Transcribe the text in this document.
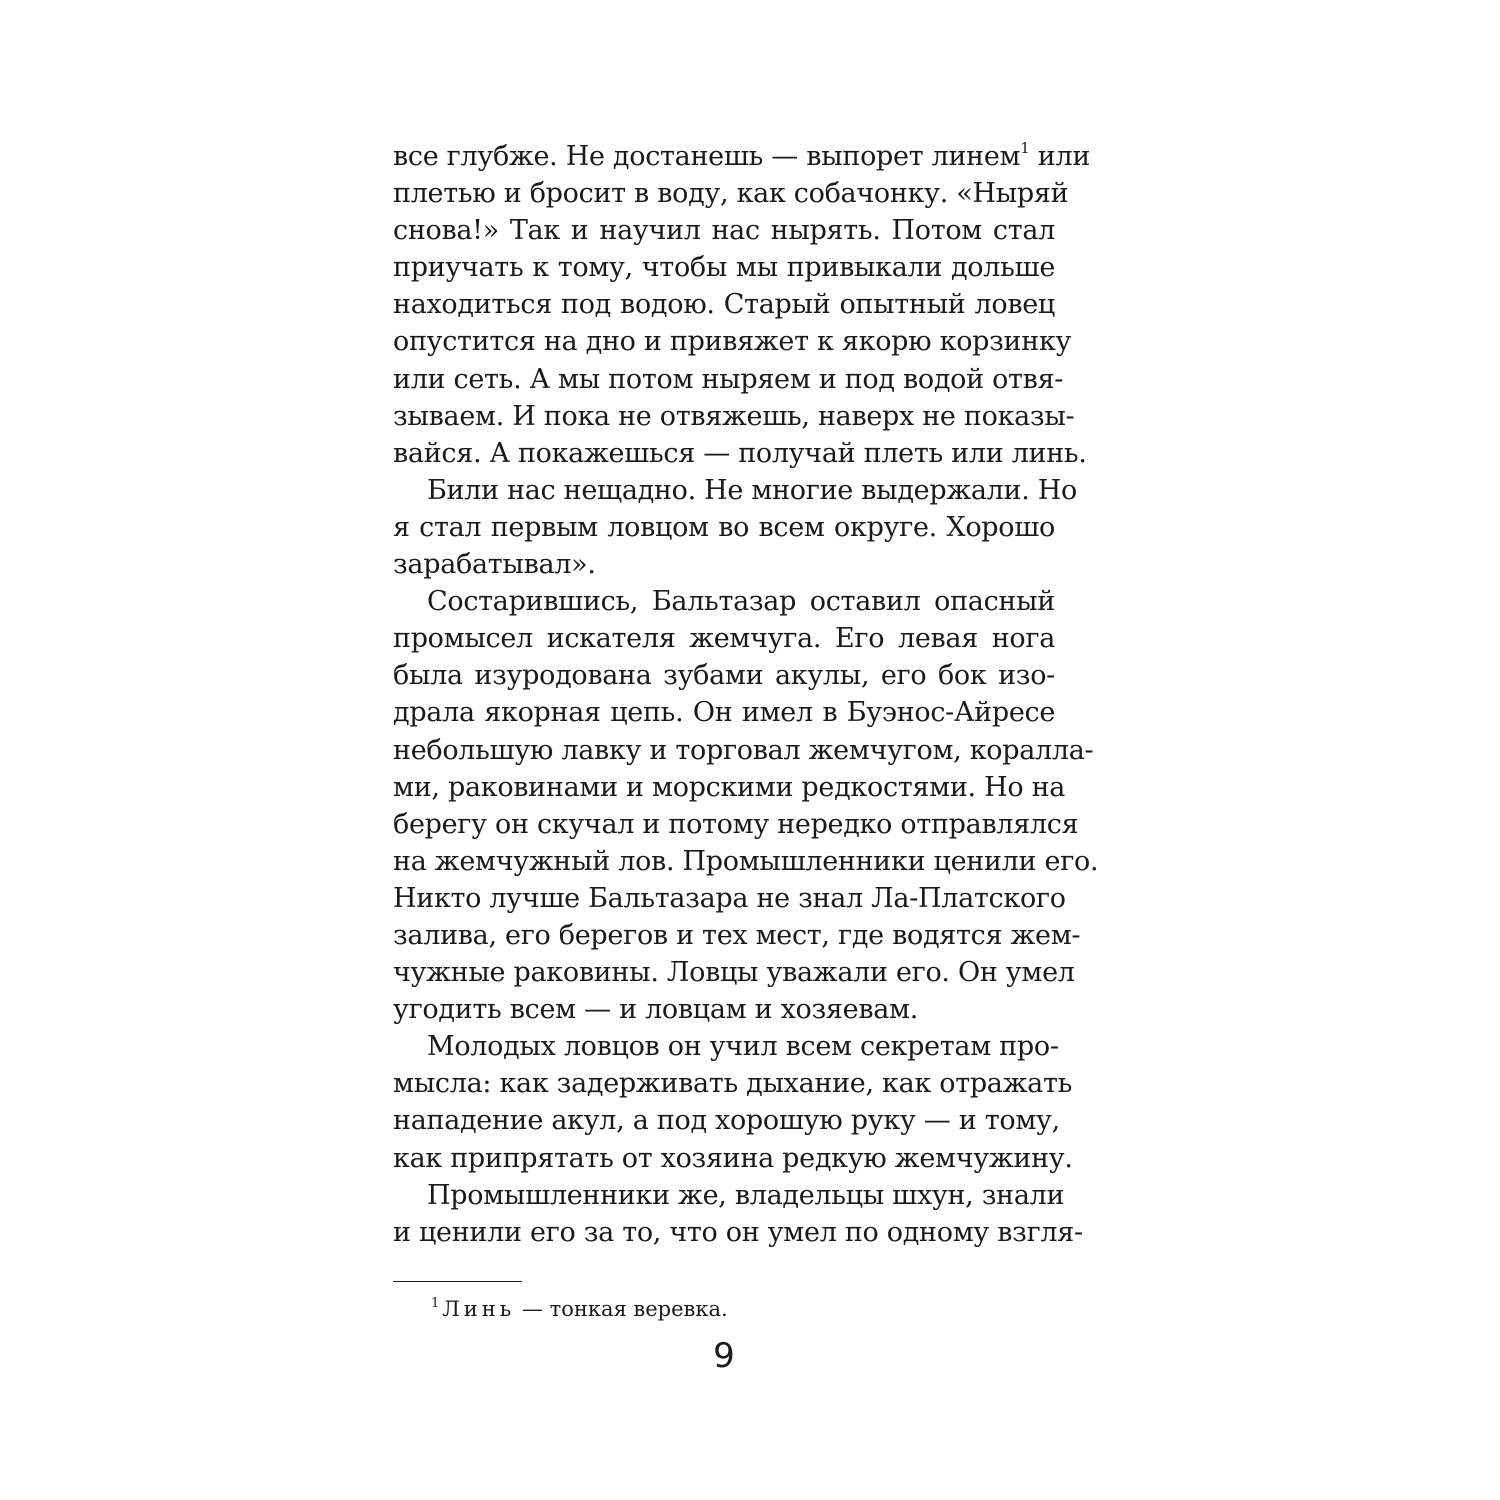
все глубже. Не достанешь — выпорет линем$^1$ или
плетью и бросит в воду, как собачонку. «Ныряй
снова!» Так и научил нас нырять. Потом стал
приучать к тому, чтобы мы привыкали дольше
находиться под водою. Старый опытный ловец
опустится на дно и привяжет к якорю корзинку
или сеть. А мы потом ныряем и под водой отвя-
зываем. И пока не отвяжешь, наверх не показы-
вайся. А покажешься — получай плеть или линь.
Били нас нещадно. Не многие выдержали. Но
я стал первым ловцом во всем округе. Хорошо
зарабатывал».
Состарившись, Бальтазар оставил опасный
промысел искателя жемчуга. Его левая нога
была изуродована зубами акулы, его бок изо-
драла якорная цепь. Он имел в Буэнос-Айресе
небольшую лавку и торговал жемчугом, коралла-
ми, раковинами и морскими редкостями. Но на
берегу он скучал и потому нередко отправлялся
на жемчужный лов. Промышленники ценили его.
Никто лучше Бальтазара не знал Ла-Платского
залива, его берегов и тех мест, где водятся жем-
чужные раковины. Ловцы уважали его. Он умел
угодить всем — и ловцам и хозяевам.
Молодых ловцов он учил всем секретам про-
мысла: как задерживать дыхание, как отражать
нападение акул, а под хорошую руку — и тому,
как припрятать от хозяина редкую жемчужину.
Промышленники же, владельцы шхун, знали
и ценили его за то, что он умел по одному взгля-
$^1$ Линь — тонкая веревка.
9
